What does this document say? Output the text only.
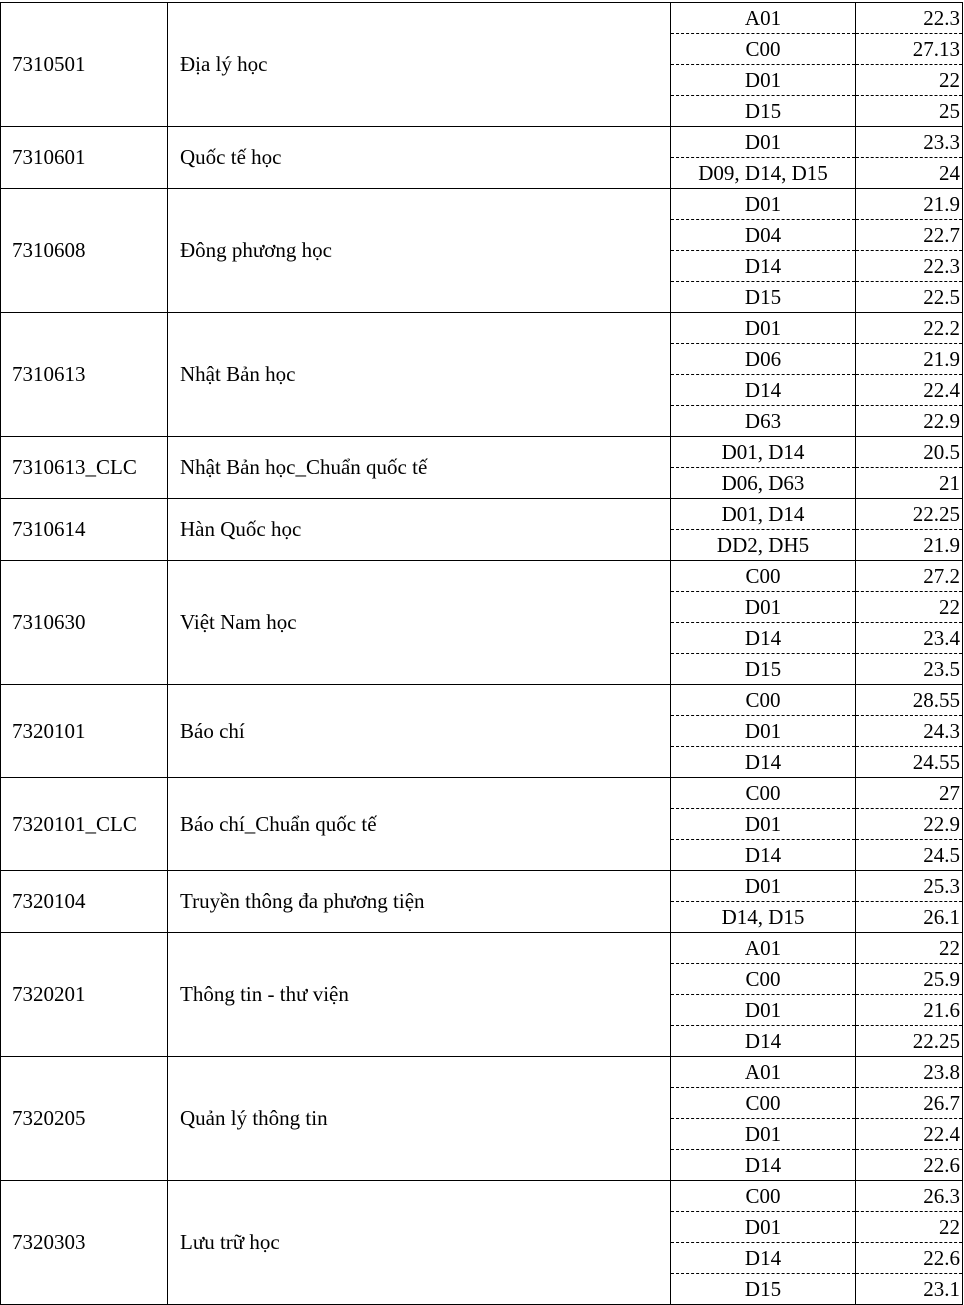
7310501	Địa lý học	A01	22.3
		C00	27.13
		D01	22
		D15	25
7310601	Quốc tế học	D01	23.3
		D09, D14, D15	24
7310608	Đông phương học	D01	21.9
		D04	22.7
		D14	22.3
		D15	22.5
7310613	Nhật Bản học	D01	22.2
		D06	21.9
		D14	22.4
		D63	22.9
7310613_CLC	Nhật Bản học_Chuẩn quốc tế	D01, D14	20.5
		D06, D63	21
7310614	Hàn Quốc học	D01, D14	22.25
		DD2, DH5	21.9
7310630	Việt Nam học	C00	27.2
		D01	22
		D14	23.4
		D15	23.5
7320101	Báo chí	C00	28.55
		D01	24.3
		D14	24.55
7320101_CLC	Báo chí_Chuẩn quốc tế	C00	27
		D01	22.9
		D14	24.5
7320104	Truyền thông đa phương tiện	D01	25.3
		D14, D15	26.1
7320201	Thông tin - thư viện	A01	22
		C00	25.9
		D01	21.6
		D14	22.25
7320205	Quản lý thông tin	A01	23.8
		C00	26.7
		D01	22.4
		D14	22.6
7320303	Lưu trữ học	C00	26.3
		D01	22
		D14	22.6
		D15	23.1
